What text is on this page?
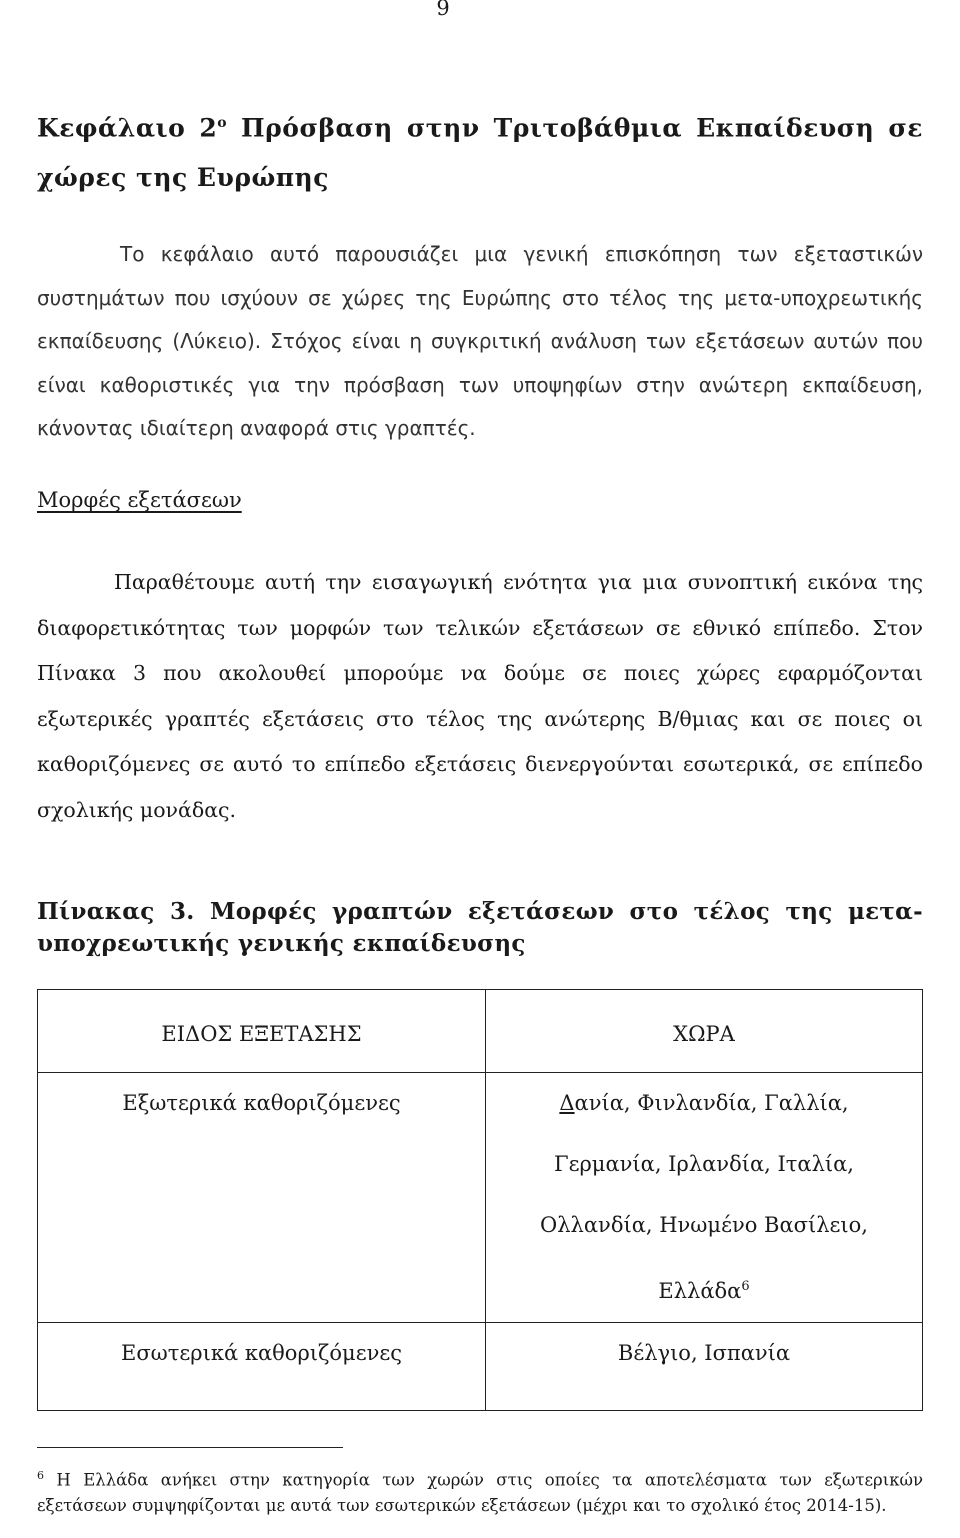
9
Κεφάλαιο $2^o$ Πρόσβαση στην Τριτοβάθμια Εκπαίδευση σε χώρες της Ευρώπης

Το κεφάλαιο αυτό παρουσιάζει μια γενική επισκόπηση των εξεταστικών συστημάτων που ισχύουν σε χώρες της Ευρώπης στο τέλος της μετα-υποχρεωτικής εκπαίδευσης (Λύκειο). Στόχος είναι η συγκριτική ανάλυση των εξετάσεων αυτών που είναι καθοριστικές για την πρόσβαση των υποψηφίων στην ανώτερη εκπαίδευση, κάνοντας ιδιαίτερη αναφορά στις γραπτές.

Μορφές εξετάσεων

Παραθέτουμε αυτή την εισαγωγική ενότητα για μια συνοπτική εικόνα της διαφορετικότητας των μορφών των τελικών εξετάσεων σε εθνικό επίπεδο. Στον Πίνακα 3 που ακολουθεί μπορούμε να δούμε σε ποιες χώρες εφαρμόζονται εξωτερικές γραπτές εξετάσεις στο τέλος της ανώτερης Β/θμιας και σε ποιες οι καθοριζόμενες σε αυτό το επίπεδο εξετάσεις διενεργούνται εσωτερικά, σε επίπεδο σχολικής μονάδας.

Πίνακας 3. Μορφές γραπτών εξετάσεων στο τέλος της μετα-υποχρεωτικής γενικής εκπαίδευσης
ΕΙΔΟΣ ΕΞΕΤΑΣΗΣ	ΧΩΡΑ
Εξωτερικά καθοριζόμενες	Δανία, Φινλανδία, Γαλλία, Γερμανία, Ιρλανδία, Ιταλία, Ολλανδία, Ηνωμένο Βασίλειο, Ελλάδα$^6$
Εσωτερικά καθοριζόμενες	Βέλγιο, Ισπανία

$^6$ Η Ελλάδα ανήκει στην κατηγορία των χωρών στις οποίες τα αποτελέσματα των εξωτερικών εξετάσεων συμψηφίζονται με αυτά των εσωτερικών εξετάσεων (μέχρι και το σχολικό έτος 2014-15).
